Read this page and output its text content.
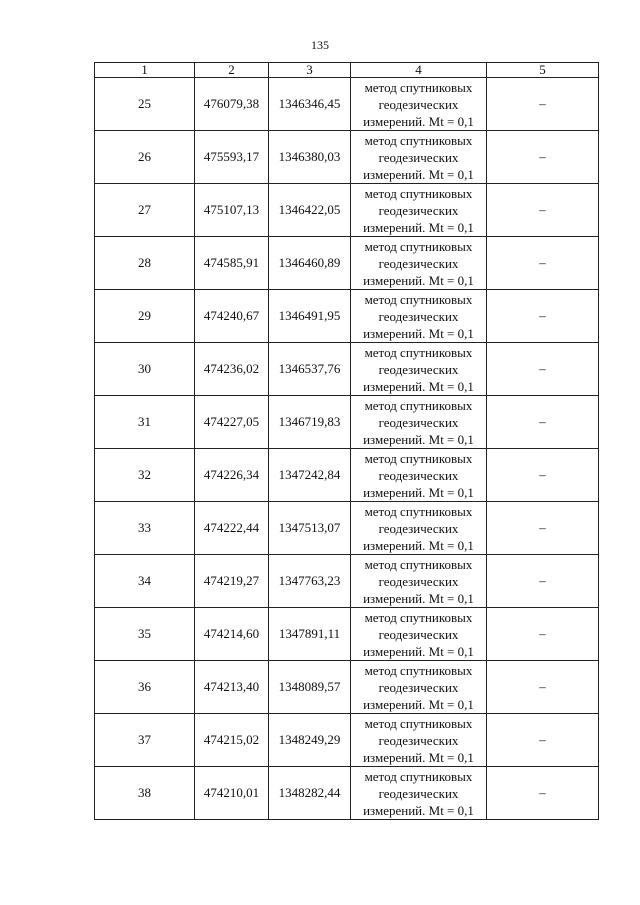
135
1	2	3	4	5
25	476079,38	1346346,45	метод спутниковых
геодезических
измерений. Mt = 0,1	–
26	475593,17	1346380,03	метод спутниковых
геодезических
измерений. Mt = 0,1	–
27	475107,13	1346422,05	метод спутниковых
геодезических
измерений. Mt = 0,1	–
28	474585,91	1346460,89	метод спутниковых
геодезических
измерений. Mt = 0,1	–
29	474240,67	1346491,95	метод спутниковых
геодезических
измерений. Mt = 0,1	–
30	474236,02	1346537,76	метод спутниковых
геодезических
измерений. Mt = 0,1	–
31	474227,05	1346719,83	метод спутниковых
геодезических
измерений. Mt = 0,1	–
32	474226,34	1347242,84	метод спутниковых
геодезических
измерений. Mt = 0,1	–
33	474222,44	1347513,07	метод спутниковых
геодезических
измерений. Mt = 0,1	–
34	474219,27	1347763,23	метод спутниковых
геодезических
измерений. Mt = 0,1	–
35	474214,60	1347891,11	метод спутниковых
геодезических
измерений. Mt = 0,1	–
36	474213,40	1348089,57	метод спутниковых
геодезических
измерений. Mt = 0,1	–
37	474215,02	1348249,29	метод спутниковых
геодезических
измерений. Mt = 0,1	–
38	474210,01	1348282,44	метод спутниковых
геодезических
измерений. Mt = 0,1	–
